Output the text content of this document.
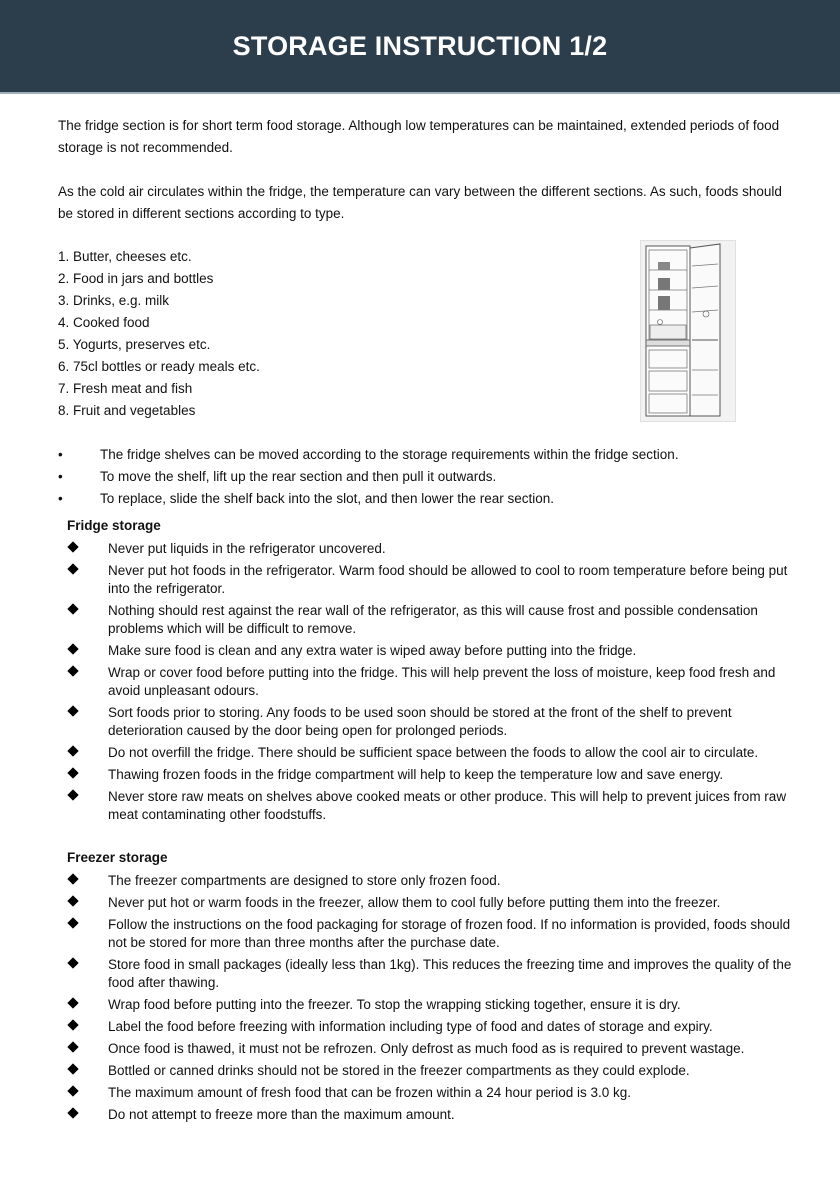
STORAGE INSTRUCTION 1/2

The fridge section is for short term food storage. Although low temperatures can be maintained, extended periods of food storage is not recommended.

As the cold air circulates within the fridge, the temperature can vary between the different sections. As such, foods should be stored in different sections according to type.

1. Butter, cheeses etc.
2. Food in jars and bottles
3. Drinks, e.g. milk
4. Cooked food
5. Yogurts, preserves etc.
6. 75cl bottles or ready meals etc.
7. Fresh meat and fish
8. Fruit and vegetables
•	The fridge shelves can be moved according to the storage requirements within the fridge section.
•	To move the shelf, lift up the rear section and then pull it outwards.
•	To replace, slide the shelf back into the slot, and then lower the rear section.
Fridge storage
Never put liquids in the refrigerator uncovered.
Never put hot foods in the refrigerator. Warm food should be allowed to cool to room temperature before being put into the refrigerator.
Nothing should rest against the rear wall of the refrigerator, as this will cause frost and possible condensation problems which will be difficult to remove.
Make sure food is clean and any extra water is wiped away before putting into the fridge.
Wrap or cover food before putting into the fridge. This will help prevent the loss of moisture, keep food fresh and avoid unpleasant odours.
Sort foods prior to storing. Any foods to be used soon should be stored at the front of the shelf to prevent deterioration caused by the door being open for prolonged periods.
Do not overfill the fridge. There should be sufficient space between the foods to allow the cool air to circulate.
Thawing frozen foods in the fridge compartment will help to keep the temperature low and save energy.
Never store raw meats on shelves above cooked meats or other produce. This will help to prevent juices from raw meat contaminating other foodstuffs.
Freezer storage
The freezer compartments are designed to store only frozen food.
Never put hot or warm foods in the freezer, allow them to cool fully before putting them into the freezer.
Follow the instructions on the food packaging for storage of frozen food. If no information is provided, foods should not be stored for more than three months after the purchase date.
Store food in small packages (ideally less than 1kg). This reduces the freezing time and improves the quality of the food after thawing.
Wrap food before putting into the freezer. To stop the wrapping sticking together, ensure it is dry.
Label the food before freezing with information including type of food and dates of storage and expiry.
Once food is thawed, it must not be refrozen. Only defrost as much food as is required to prevent wastage.
Bottled or canned drinks should not be stored in the freezer compartments as they could explode.
The maximum amount of fresh food that can be frozen within a 24 hour period is 3.0 kg.
Do not attempt to freeze more than the maximum amount.
